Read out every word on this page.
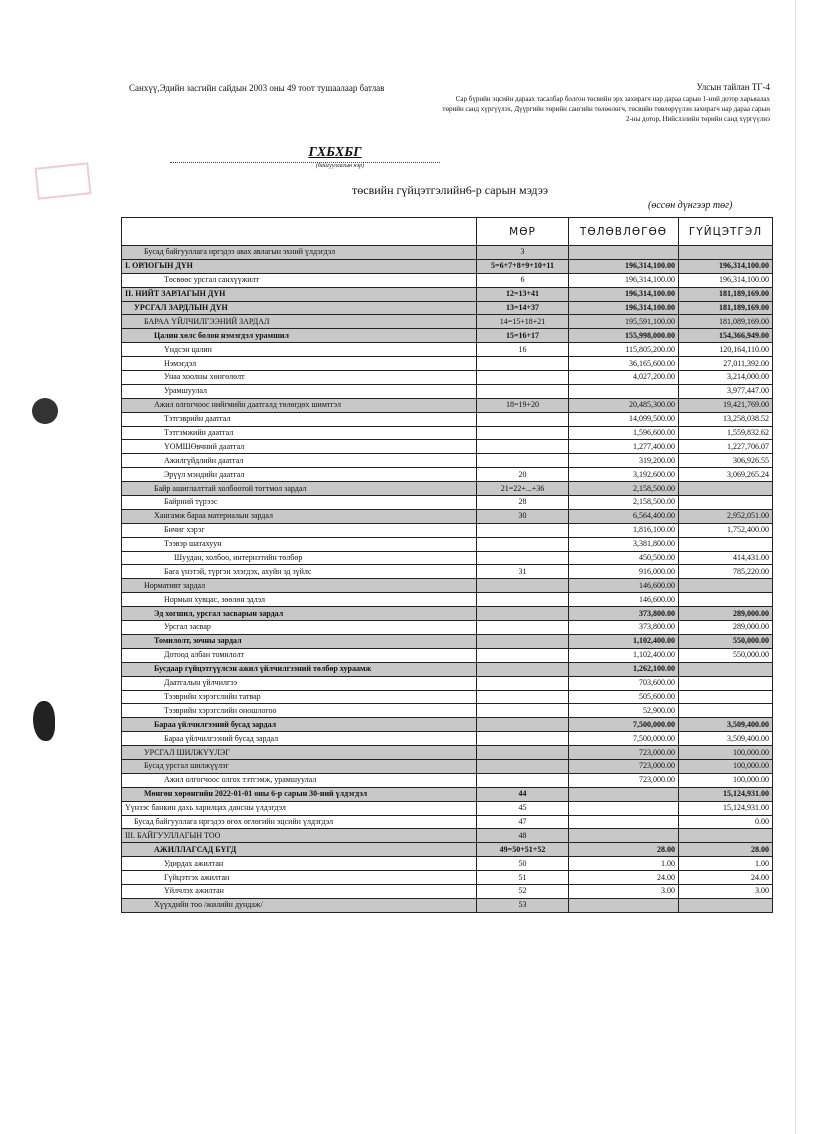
Санхүү,Эдийн засгийн сайдын 2003 оны 49 тоот тушаалаар батлав	Улсын тайлан ТГ-4
Сар бүрийн эцсийн дараах тасалбар болгон төсвийн эрх захирагч нар дараа сарын 1-ний дотор харьяалах төрийн санд хүргүүлэх, Дүүргийн төрийн сангийн төлөөлөгч, төсвийн төвлөрүүлэн захирагч нар дараа сарын 2-ны дотор, Нийслэлийн төрийн санд хүргүүлнэ
ГХБХБГ
(байгууллагын нэр)
төсвийн гүйцэтгэлийн6-р сарын мэдээ
(өссөн дүнгээр төг)
	МӨР	ТӨЛӨВЛӨГӨӨ	ГҮЙЦЭТГЭЛ
Бусад байгууллага нргэдээ авах авлагын эхний үлдэгдэл	3		
I. ОРЛОГЫН ДҮН	5=6+7+8+9+10+11	196,314,100.00	196,314,100.00
Төсвөөс урсгал санхүүжилт	6	196,314,100.00	196,314,100.00
II. НИЙТ ЗАРЛАГЫН ДҮН	12=13+41	196,314,100.00	181,189,169.00
УРСГАЛ ЗАРДЛЫН ДҮН	13=14+37	196,314,100.00	181,189,169.00
БАРАА ҮЙЛЧИЛГЭЭНИЙ ЗАРДАЛ	14=15+18+21	195,591,100.00	181,089,169.00
Цалин хөлс болон нэмэгдэл урамшил	15=16+17	155,998,000.00	154,366,949.00
Үндсэн цалин	16	115,805,200.00	120,164,110.00
Нэмэгдэл		36,165,600.00	27,011,392.00
Унаа хоолны хөнгөлөлт		4,027,200.00	3,214,000.00
Урамшуулал			3,977,447.00
Ажил олгогчоос нийгмийн даатгалд төлөгдөх шимтгэл	18=19+20	20,485,300.00	19,421,769.00
Тэтгэврийн даатгал		14,099,500.00	13,258,038.52
Тэтгэмжийн даатгал		1,596,600.00	1,559,832.62
ҮОМШӨвчний даатгал		1,277,400.00	1,227,706.07
Ажилгүйдлийн даатгал		319,200.00	306,926.55
Эрүүл мэндийн даатгал	20	3,192,600.00	3,069,265.24
Байр ашиглалттай холбоотой тогтмол зардал	21=22+...+36	2,158,500.00	
Байрний түрээс	28	2,158,500.00	
Хангамж бараа материалын зардал	30	6,564,400.00	2,952,051.00
Бичиг хэрэг		1,816,100.00	1,752,400.00
Тээвэр шатахуун		3,381,800.00	
Шуудан, холбоо, интернэтийн төлбөр		450,500.00	414,431.00
Бага үнэтэй, түргэн элэгдэх, ахуйн эд зүйлс	31	916,000.00	785,220.00
Нормативт зардал		146,600.00	
Нормын хувцас, зөөлөн эдлэл		146,600.00	
Эд хогшил, урсгал засварын зардал		373,800.00	289,000.00
Урсгал засвар		373,800.00	289,000.00
Томилолт, зочны зардал		1,102,400.00	550,000.00
Дотоод албан томилолт		1,102,400.00	550,000.00
Бусдаар гүйцэтгүүлсэн ажил үйлчилгээний төлбөр хураамж		1,262,100.00	
Даатгалын үйлчилгээ		703,600.00	
Тээврийн хэрэгслийн татвар		505,600.00	
Тээврийн хэрэгслийн оношлогоо		52,900.00	
Бараа үйлчилгээний бусад зардал		7,500,000.00	3,509,400.00
Бараа үйлчилгээний бусад зардал		7,500,000.00	3,509,400.00
УРСГАЛ ШИЛЖҮҮЛЭГ		723,000.00	100,000.00
Бусад урсгал шилжүүлэг		723,000.00	100,000.00
Ажил олгогчоос олгох тэтгэмж, урамшуулал		723,000.00	100,000.00
Мөнгөн хөрөнгийн 2022-01-01 оны 6-р сарын 30-ний үлдэгдэл	44		15,124,931.00
Үүнээс банкин дахь харилцах дансны үлдэгдэл	45		15,124,931.00
Бусад байгууллага нргэдээ өгөх өглөгийн эцсийн үлдэгдэл	47		0.00
III. БАЙГУУЛЛАГЫН ТОО	48		
АЖИЛЛАГСАД БҮГД	49=50+51+52	28.00	28.00
Удирдах ажилтан	50	1.00	1.00
Гүйцэтгэх ажилтан	51	24.00	24.00
Үйлчлэх ажилтан	52	3.00	3.00
Хүүхдийн тоо /жилийн дундаж/	53		
